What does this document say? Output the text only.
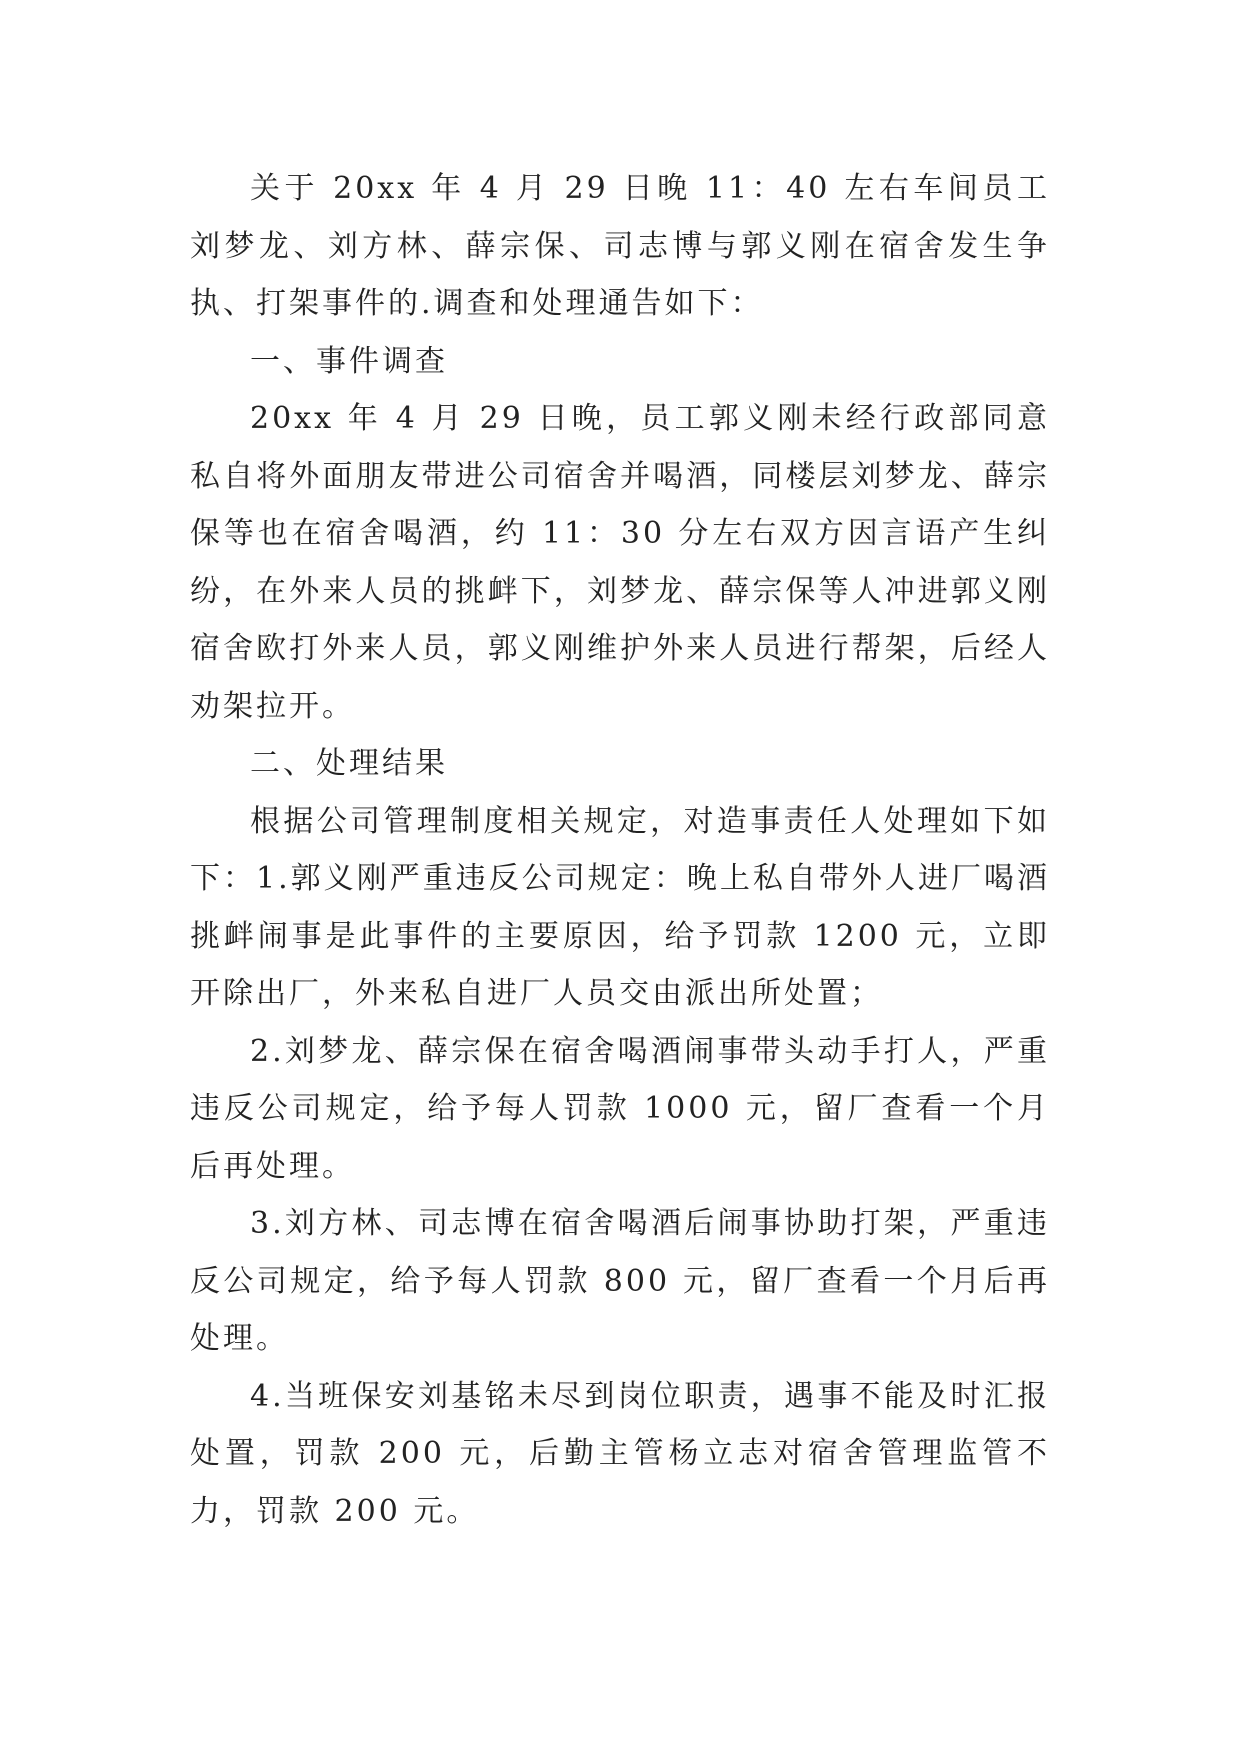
关于 20xx 年 4 月 29 日晚 11：40 左右车间员工刘梦龙、刘方林、薛宗保、司志博与郭义刚在宿舍发生争执、打架事件的.调查和处理通告如下：

一、事件调查

20xx 年 4 月 29 日晚，员工郭义刚未经行政部同意私自将外面朋友带进公司宿舍并喝酒，同楼层刘梦龙、薛宗保等也在宿舍喝酒，约 11：30 分左右双方因言语产生纠纷，在外来人员的挑衅下，刘梦龙、薛宗保等人冲进郭义刚宿舍欧打外来人员，郭义刚维护外来人员进行帮架，后经人劝架拉开。

二、处理结果

根据公司管理制度相关规定，对造事责任人处理如下如下：1.郭义刚严重违反公司规定：晚上私自带外人进厂喝酒挑衅闹事是此事件的主要原因，给予罚款 1200 元，立即开除出厂，外来私自进厂人员交由派出所处置；

2.刘梦龙、薛宗保在宿舍喝酒闹事带头动手打人，严重违反公司规定，给予每人罚款 1000 元，留厂查看一个月后再处理。

3.刘方林、司志博在宿舍喝酒后闹事协助打架，严重违反公司规定，给予每人罚款 800 元，留厂查看一个月后再处理。

4.当班保安刘基铭未尽到岗位职责，遇事不能及时汇报处置，罚款 200 元，后勤主管杨立志对宿舍管理监管不力，罚款 200 元。
